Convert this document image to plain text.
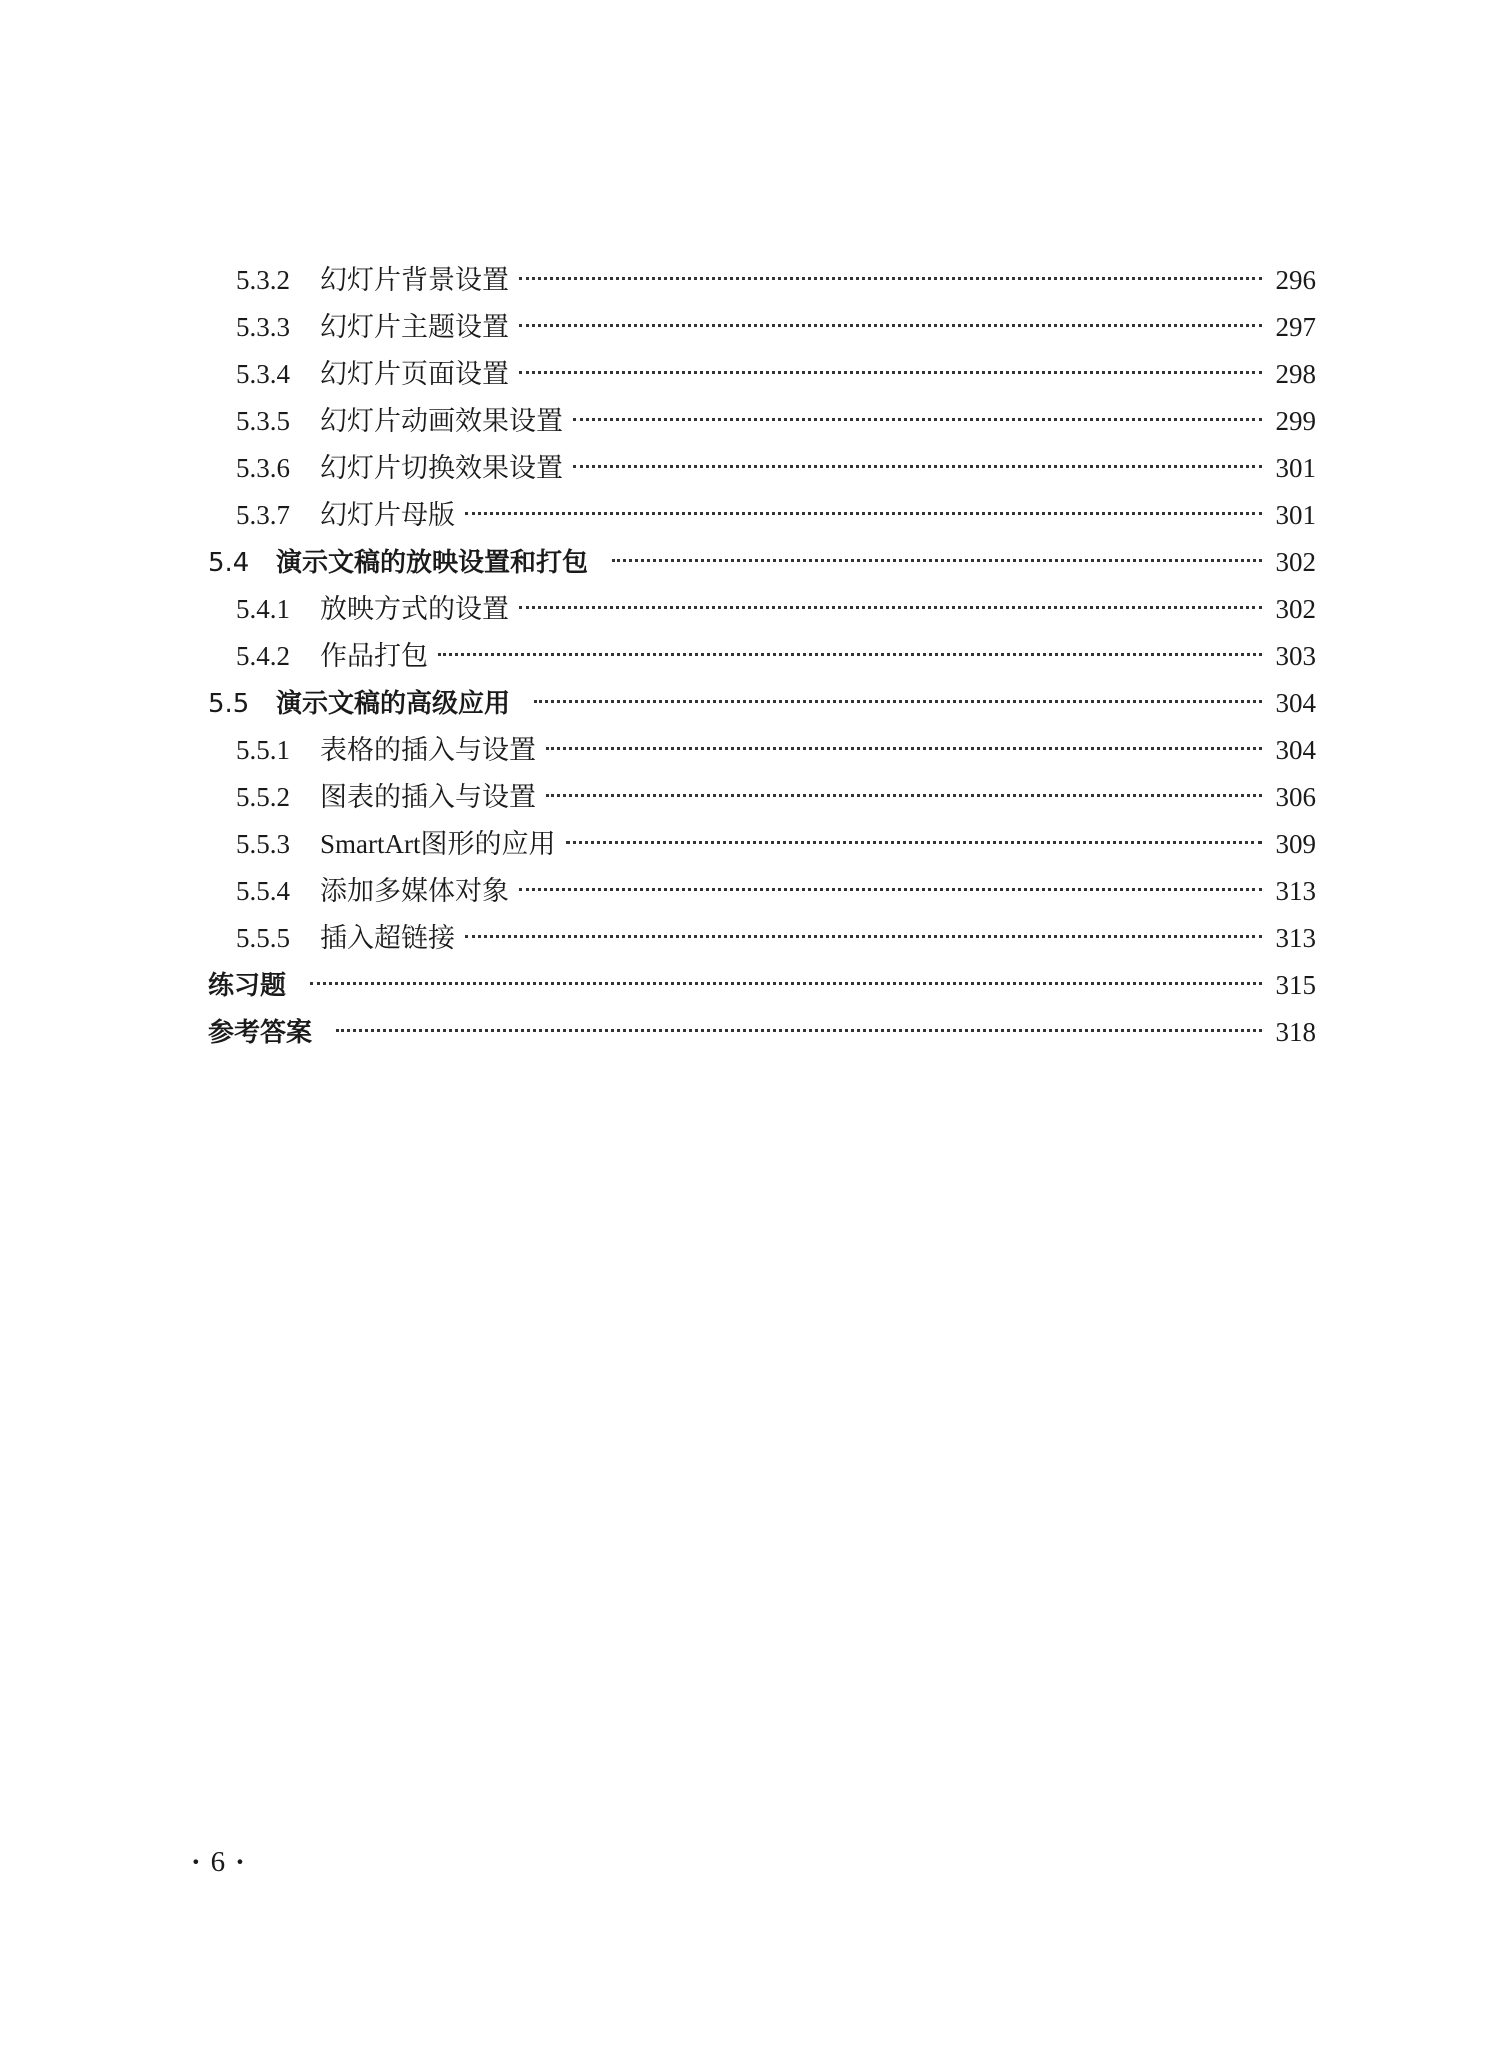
5.3.2	幻灯片背景设置	296
5.3.3	幻灯片主题设置	297
5.3.4	幻灯片页面设置	298
5.3.5	幻灯片动画效果设置	299
5.3.6	幻灯片切换效果设置	301
5.3.7	幻灯片母版	301
5.4	演示文稿的放映设置和打包	302
5.4.1	放映方式的设置	302
5.4.2	作品打包	303
5.5	演示文稿的高级应用	304
5.5.1	表格的插入与设置	304
5.5.2	图表的插入与设置	306
5.5.3	SmartArt图形的应用	309
5.5.4	添加多媒体对象	313
5.5.5	插入超链接	313
练习题	315
参考答案	318
· 6 ·
